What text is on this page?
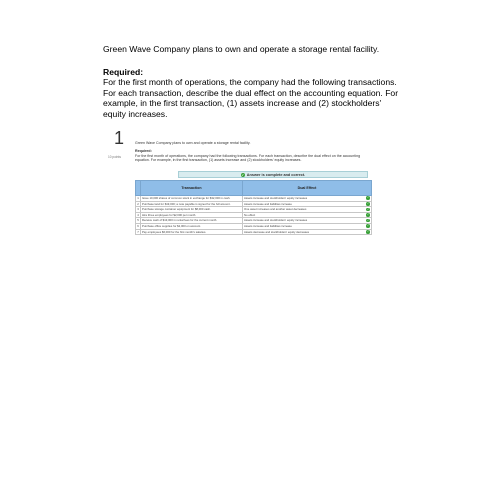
Green Wave Company plans to own and operate a storage rental facility.

Required:

For the first month of operations, the company had the following transactions. For each transaction, describe the dual effect on the accounting equation. For example, in the first transaction, (1) assets increase and (2) stockholders' equity increases.

1
10 points

Green Wave Company plans to own and operate a storage rental facility.

Required:

For the first month of operations, the company had the following transactions. For each transaction, describe the dual effect on the accounting equation. For example, in the first transaction, (1) assets increase and (2) stockholders' equity increases.

✓ Answer is complete and correct.
	Transaction	Dual Effect
1	Issue 10,000 shares of common stock in exchange for $32,000 in cash.	Assets increase and stockholders' equity increases ✓

2	Purchase land for $19,000; a note payable is signed for the full amount.	Assets increase and liabilities increase ✓

3	Purchase storage container equipment for $8,000 cash.	One asset increases and another asset decreases ✓

4	Hire three employees for $2,000 per month.	No effect ✓

5	Receive cash of $13,000 in rental fees for the current month.	Assets increase and stockholders' equity increases ✓

6	Purchase office supplies for $2,000 on account.	Assets increase and liabilities increase ✓

7	Pay employees $6,000 for the first month's salaries.	Assets decrease and stockholders' equity decreases ✓
